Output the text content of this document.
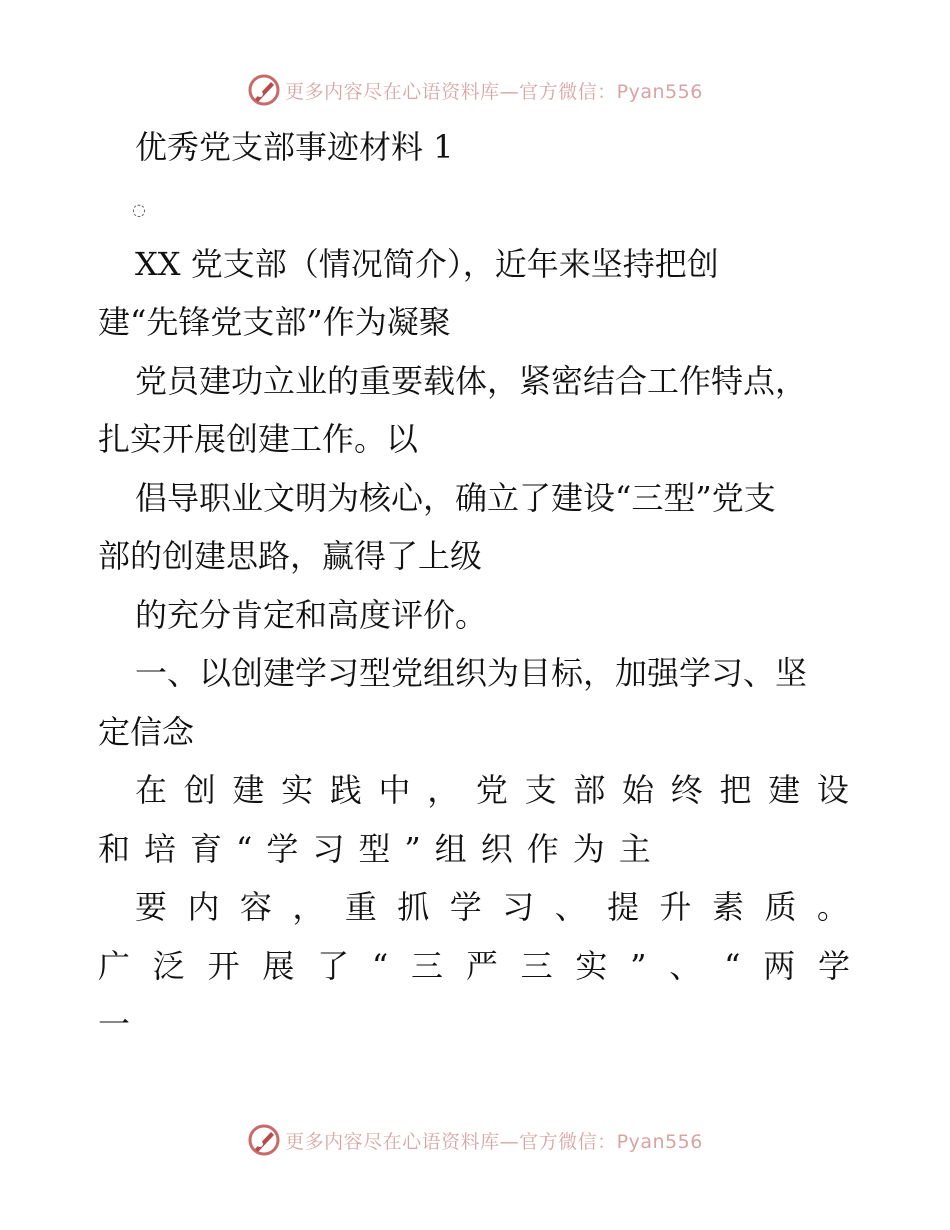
更多内容尽在心语资料库—官方微信：Pyan556
优秀党支部事迹材料 1
◌
XX 党支部（情况简介），近年来坚持把创
建“先锋党支部”作为凝聚
党员建功立业的重要载体，紧密结合工作特点，
扎实开展创建工作。以
倡导职业文明为核心，确立了建设“三型”党支
部的创建思路，赢得了上级
的充分肯定和高度评价。
一、以创建学习型党组织为目标，加强学习、坚
定信念
在 创 建 实 践 中 ， 党 支 部 始 终 把 建 设
和培育“学习型”组织作为主
要 内 容 ， 重 抓 学 习 、 提 升 素 质 。
广 泛 开 展 了 “ 三 严 三 实 ” 、 “ 两 学
一
更多内容尽在心语资料库—官方微信：Pyan556
